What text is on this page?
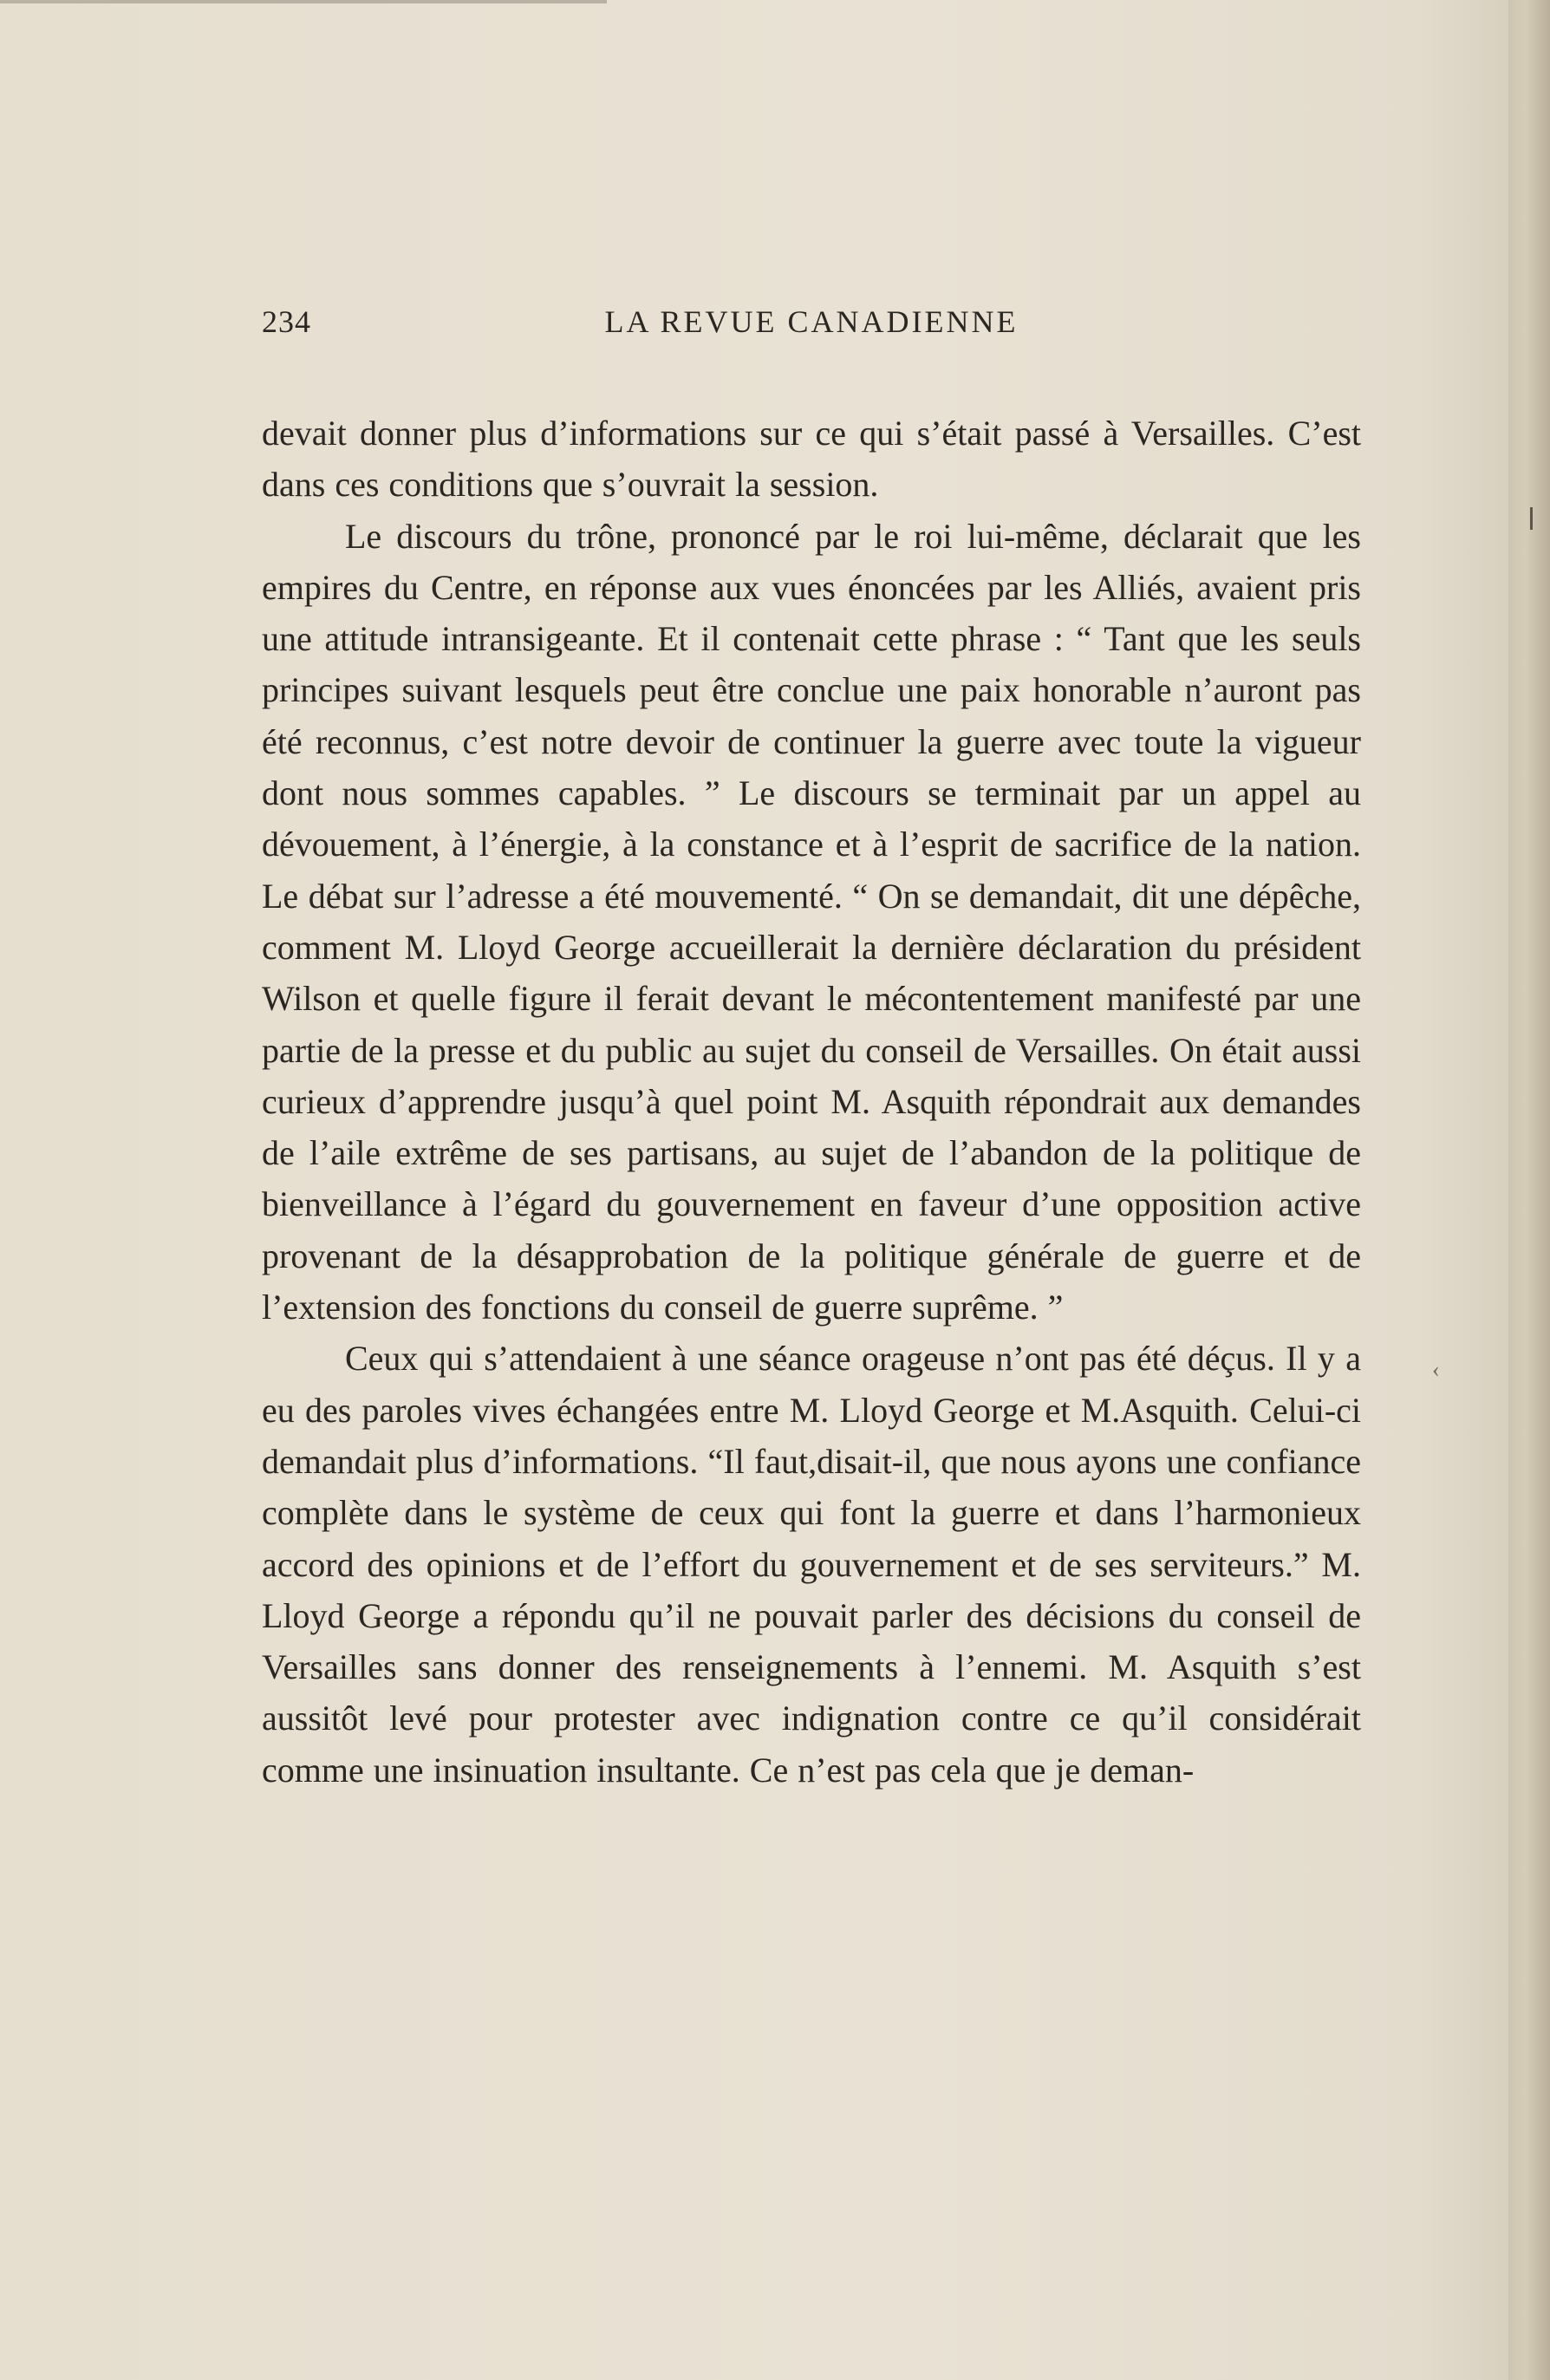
234	LA REVUE CANADIENNE

devait donner plus d’informations sur ce qui s’était passé à Versailles. C’est dans ces conditions que s’ouvrait la session.

Le discours du trône, prononcé par le roi lui-même, déclarait que les empires du Centre, en réponse aux vues énoncées par les Alliés, avaient pris une attitude intransigeante. Et il contenait cette phrase : “ Tant que les seuls principes suivant lesquels peut être conclue une paix honorable n’auront pas été reconnus, c’est notre devoir de continuer la guerre avec toute la vigueur dont nous sommes capables. ” Le discours se terminait par un appel au dévouement, à l’énergie, à la constance et à l’esprit de sacrifice de la nation. Le débat sur l’adresse a été mouvementé. “ On se demandait, dit une dépêche, comment M. Lloyd George accueillerait la dernière déclaration du président Wilson et quelle figure il ferait devant le mécontentement manifesté par une partie de la presse et du public au sujet du conseil de Versailles. On était aussi curieux d’apprendre jusqu’à quel point M. Asquith répondrait aux demandes de l’aile extrême de ses partisans, au sujet de l’abandon de la politique de bienveillance à l’égard du gouvernement en faveur d’une opposition active provenant de la désapprobation de la politique générale de guerre et de l’extension des fonctions du conseil de guerre suprême. ”

Ceux qui s’attendaient à une séance orageuse n’ont pas été déçus. Il y a eu des paroles vives échangées entre M. Lloyd George et M.Asquith. Celui-ci demandait plus d’informations. “Il faut,disait-il, que nous ayons une confiance complète dans le système de ceux qui font la guerre et dans l’harmonieux accord des opinions et de l’effort du gouvernement et de ses serviteurs.” M. Lloyd George a répondu qu’il ne pouvait parler des décisions du conseil de Versailles sans donner des renseignements à l’ennemi. M. Asquith s’est aussitôt levé pour protester avec indignation contre ce qu’il considérait comme une insinuation insultante. Ce n’est pas cela que je deman-

‹
